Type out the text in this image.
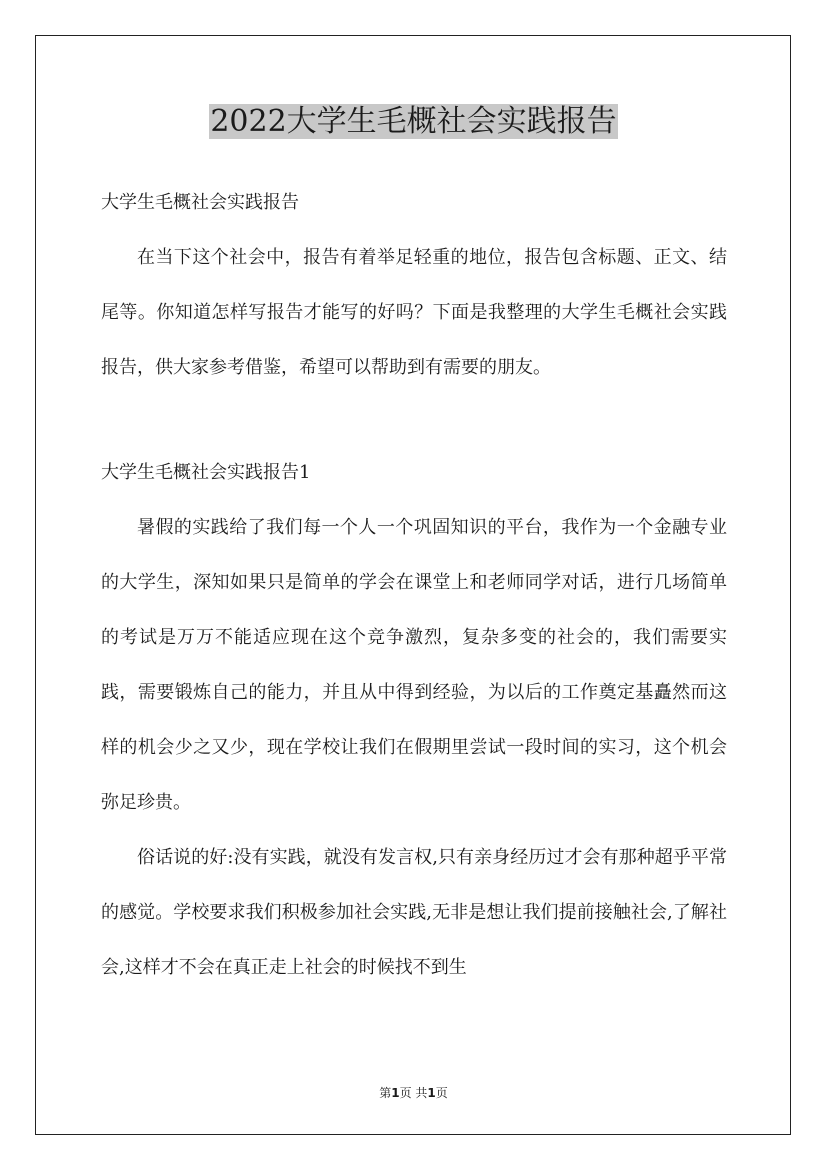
2022大学生毛概社会实践报告

大学生毛概社会实践报告

在当下这个社会中，报告有着举足轻重的地位，报告包含标题、正文、结尾等。你知道怎样写报告才能写的好吗？下面是我整理的大学生毛概社会实践报告，供大家参考借鉴，希望可以帮助到有需要的朋友。

大学生毛概社会实践报告1

暑假的实践给了我们每一个人一个巩固知识的平台，我作为一个金融专业的大学生，深知如果只是简单的学会在课堂上和老师同学对话，进行几场简单的考试是万万不能适应现在这个竞争激烈，复杂多变的社会的，我们需要实践，需要锻炼自己的能力，并且从中得到经验，为以后的工作奠定基矗然而这样的机会少之又少，现在学校让我们在假期里尝试一段时间的实习，这个机会弥足珍贵。

俗话说的好:没有实践，就没有发言权,只有亲身经历过才会有那种超乎平常的感觉。学校要求我们积极参加社会实践,无非是想让我们提前接触社会,了解社会,这样才不会在真正走上社会的时候找不到生

第1页 共1页
